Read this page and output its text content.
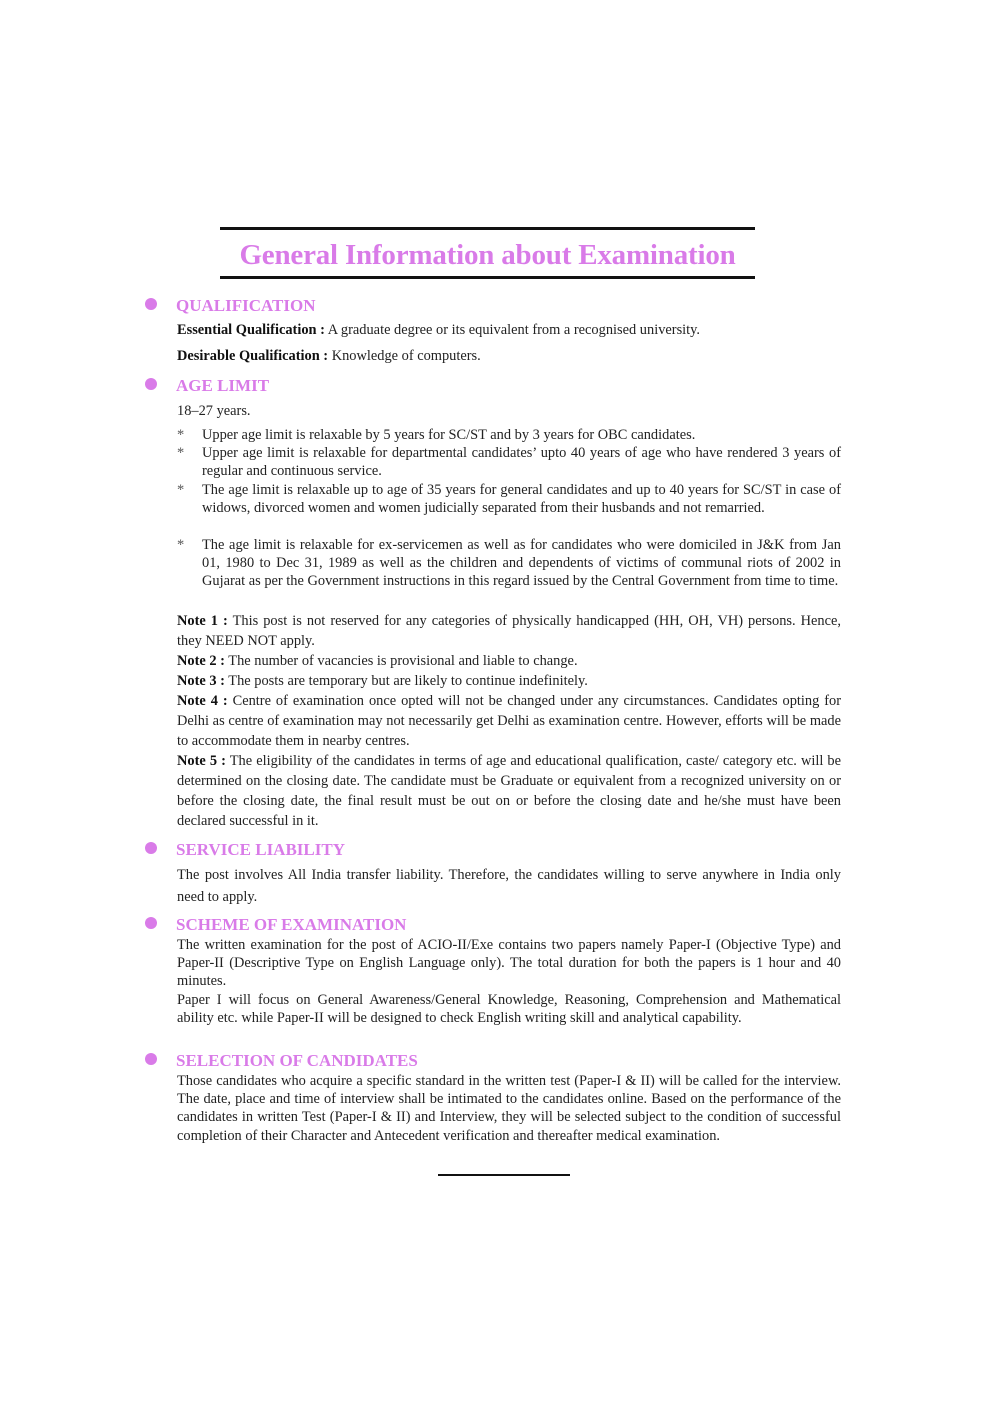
General Information about Examination
QUALIFICATION
Essential Qualification : A graduate degree or its equivalent from a recognised university.
Desirable Qualification : Knowledge of computers.
AGE LIMIT
18–27 years.
* Upper age limit is relaxable by 5 years for SC/ST and by 3 years for OBC candidates.
* Upper age limit is relaxable for departmental candidates’ upto 40 years of age who have rendered 3 years of regular and continuous service.
* The age limit is relaxable up to age of 35 years for general candidates and up to 40 years for SC/ST in case of widows, divorced women and women judicially separated from their husbands and not remarried.
* The age limit is relaxable for ex-servicemen as well as for candidates who were domiciled in J&K from Jan 01, 1980 to Dec 31, 1989 as well as the children and dependents of victims of communal riots of 2002 in Gujarat as per the Government instructions in this regard issued by the Central Government from time to time.
Note 1 : This post is not reserved for any categories of physically handicapped (HH, OH, VH) persons. Hence, they NEED NOT apply.
Note 2 : The number of vacancies is provisional and liable to change.
Note 3 : The posts are temporary but are likely to continue indefinitely.
Note 4 : Centre of examination once opted will not be changed under any circumstances. Candidates opting for Delhi as centre of examination may not necessarily get Delhi as examination centre. However, efforts will be made to accommodate them in nearby centres.
Note 5 : The eligibility of the candidates in terms of age and educational qualification, caste/ category etc. will be determined on the closing date. The candidate must be Graduate or equivalent from a recognized university on or before the closing date, the final result must be out on or before the closing date and he/she must have been declared successful in it.
SERVICE LIABILITY
The post involves All India transfer liability. Therefore, the candidates willing to serve anywhere in India only need to apply.
SCHEME OF EXAMINATION
The written examination for the post of ACIO-II/Exe contains two papers namely Paper-I (Objective Type) and Paper-II (Descriptive Type on English Language only). The total duration for both the papers is 1 hour and 40 minutes.
Paper I will focus on General Awareness/General Knowledge, Reasoning, Comprehension and Mathematical ability etc. while Paper-II will be designed to check English writing skill and analytical capability.
SELECTION OF CANDIDATES
Those candidates who acquire a specific standard in the written test (Paper-I & II) will be called for the interview. The date, place and time of interview shall be intimated to the candidates online. Based on the performance of the candidates in written Test (Paper-I & II) and Interview, they will be selected subject to the condition of successful completion of their Character and Antecedent verification and thereafter medical examination.
